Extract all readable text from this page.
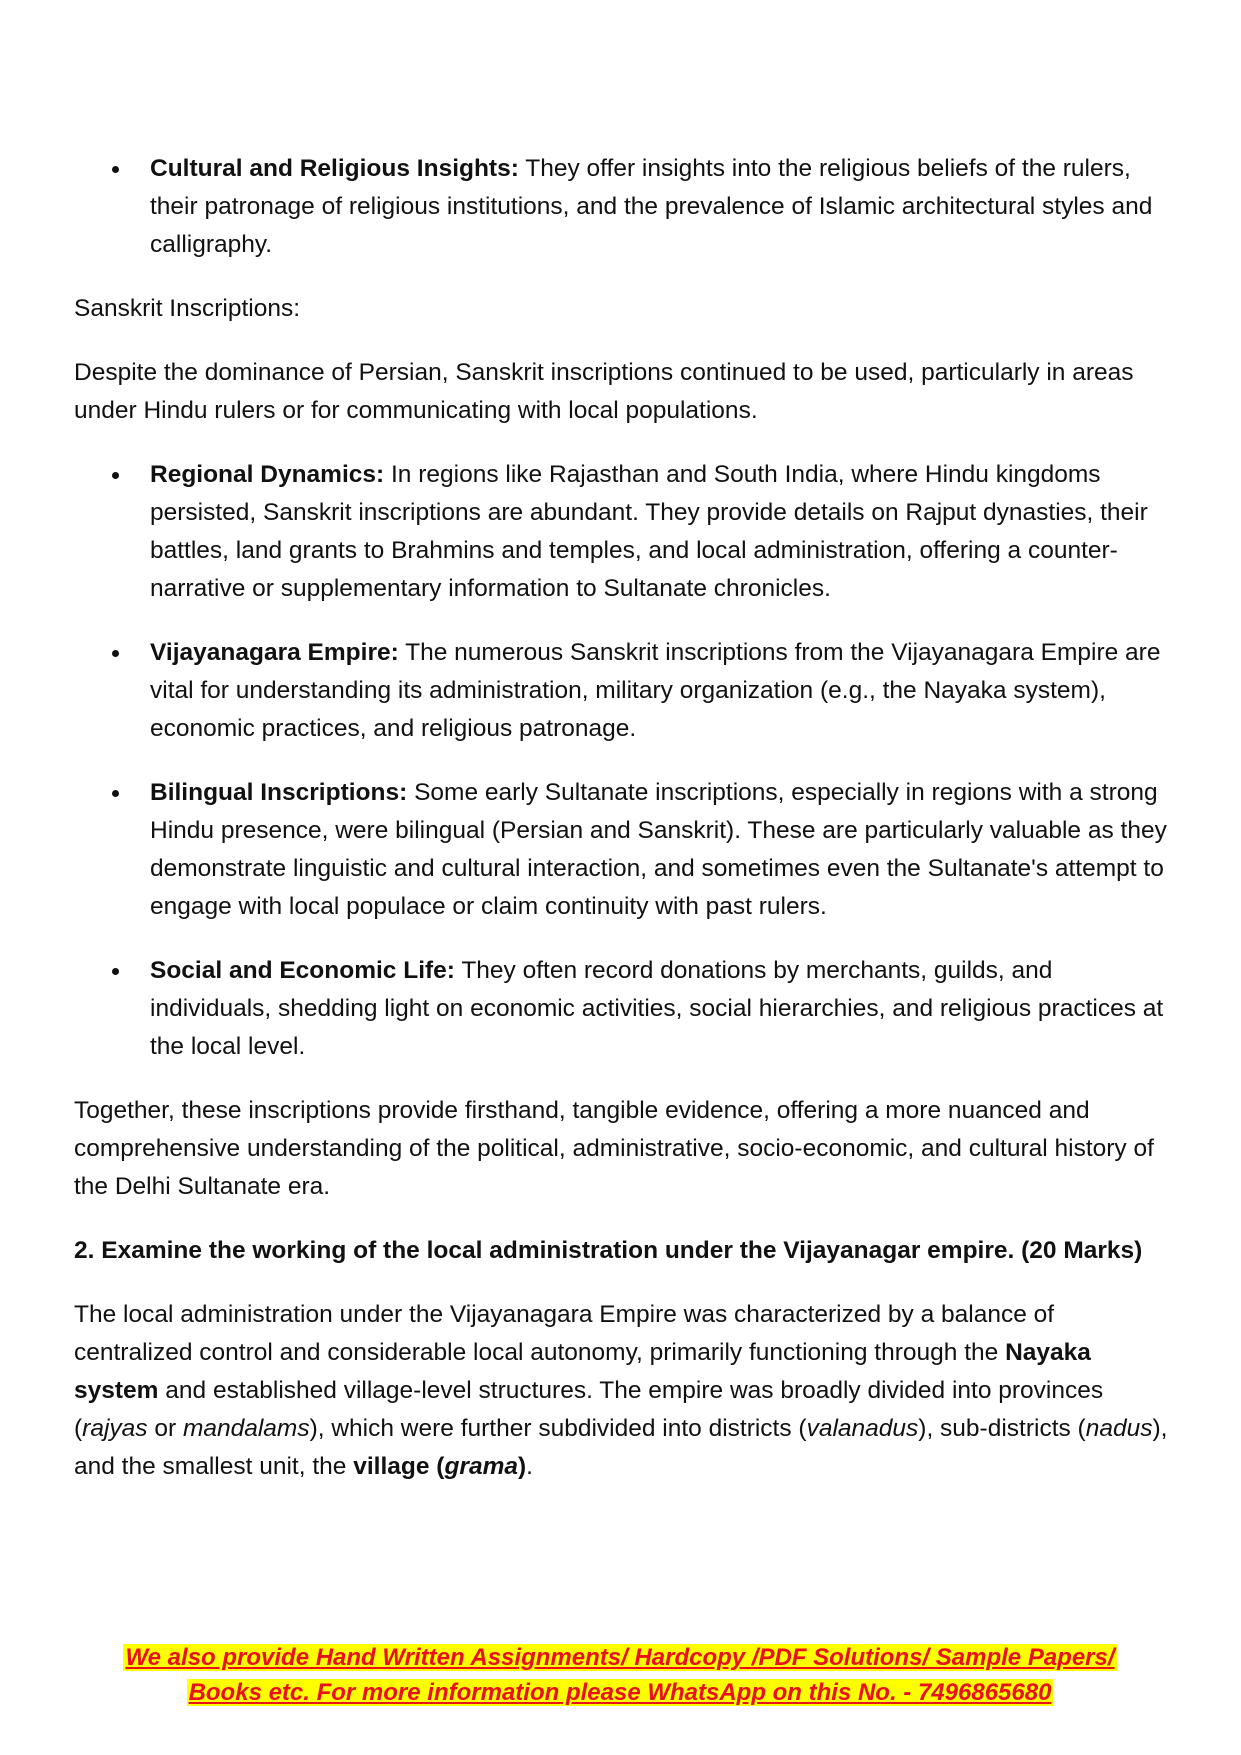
Cultural and Religious Insights: They offer insights into the religious beliefs of the rulers, their patronage of religious institutions, and the prevalence of Islamic architectural styles and calligraphy.

Sanskrit Inscriptions:

Despite the dominance of Persian, Sanskrit inscriptions continued to be used, particularly in areas under Hindu rulers or for communicating with local populations.

Regional Dynamics: In regions like Rajasthan and South India, where Hindu kingdoms persisted, Sanskrit inscriptions are abundant. They provide details on Rajput dynasties, their battles, land grants to Brahmins and temples, and local administration, offering a counter-narrative or supplementary information to Sultanate chronicles.
Vijayanagara Empire: The numerous Sanskrit inscriptions from the Vijayanagara Empire are vital for understanding its administration, military organization (e.g., the Nayaka system), economic practices, and religious patronage.
Bilingual Inscriptions: Some early Sultanate inscriptions, especially in regions with a strong Hindu presence, were bilingual (Persian and Sanskrit). These are particularly valuable as they demonstrate linguistic and cultural interaction, and sometimes even the Sultanate's attempt to engage with local populace or claim continuity with past rulers.
Social and Economic Life: They often record donations by merchants, guilds, and individuals, shedding light on economic activities, social hierarchies, and religious practices at the local level.

Together, these inscriptions provide firsthand, tangible evidence, offering a more nuanced and comprehensive understanding of the political, administrative, socio-economic, and cultural history of the Delhi Sultanate era.

2. Examine the working of the local administration under the Vijayanagar empire. (20 Marks)

The local administration under the Vijayanagara Empire was characterized by a balance of centralized control and considerable local autonomy, primarily functioning through the Nayaka system and established village-level structures. The empire was broadly divided into provinces (rajyas or mandalams), which were further subdivided into districts (valanadus), sub-districts (nadus), and the smallest unit, the village (grama).

We also provide Hand Written Assignments/ Hardcopy /PDF Solutions/ Sample Papers/
Books etc. For more information please WhatsApp on this No. - 7496865680
